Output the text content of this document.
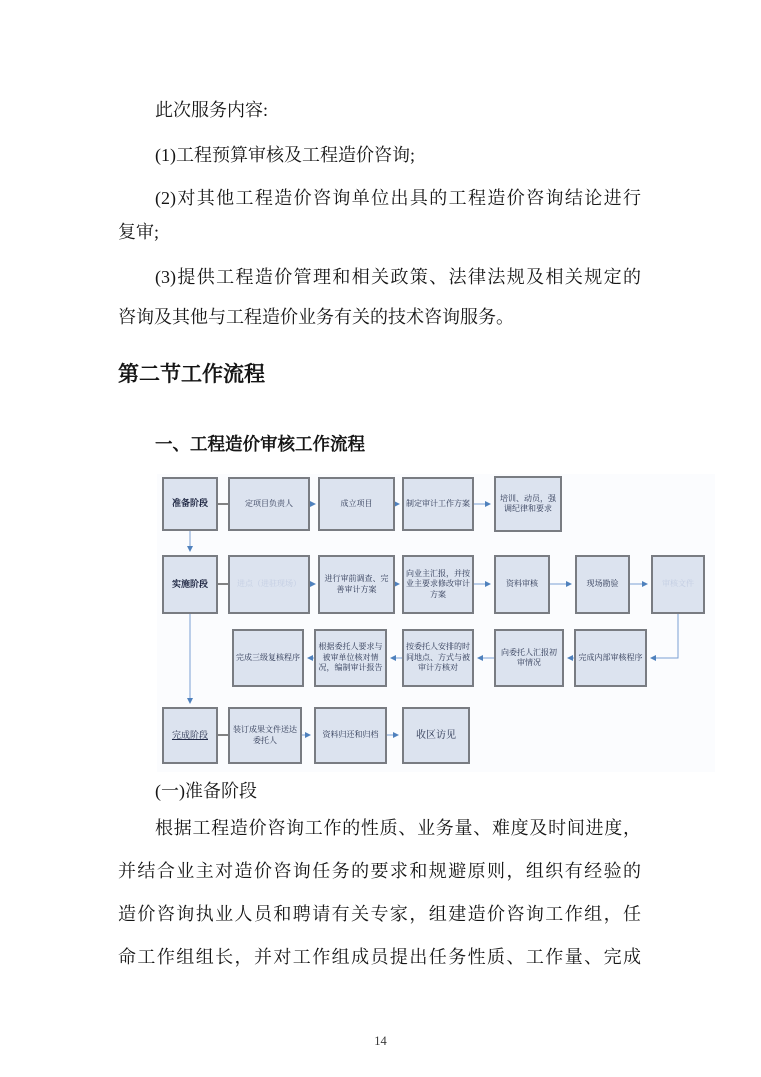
此次服务内容:
(1)工程预算审核及工程造价咨询;
(2)对其他工程造价咨询单位出具的工程造价咨询结论进行
复审;
(3)提供工程造价管理和相关政策、法律法规及相关规定的
咨询及其他与工程造价业务有关的技术咨询服务。
第二节工作流程
一、工程造价审核工作流程
准备阶段	定项目负责人	成立项目	制定审计工作方案
培训、动员，强调纪律和要求
实施阶段	进点（进驻现场）
进行审前调查、完善审计方案
向业主汇报，并按业主要求修改审计方案
资料审核	现场勘验	审核文件
完成三级复核程序
根据委托人要求与被审单位核对情况，编制审计报告
按委托人安排的时间地点、方式与被审计方核对
向委托人汇报初审情况
完成内部审核程序
完成阶段
装订成果文件送达委托人
资料归还和归档	收区访见
(一)准备阶段
根据工程造价咨询工作的性质、业务量、难度及时间进度，
并结合业主对造价咨询任务的要求和规避原则，组织有经验的
造价咨询执业人员和聘请有关专家，组建造价咨询工作组，任
命工作组组长，并对工作组成员提出任务性质、工作量、完成
14
